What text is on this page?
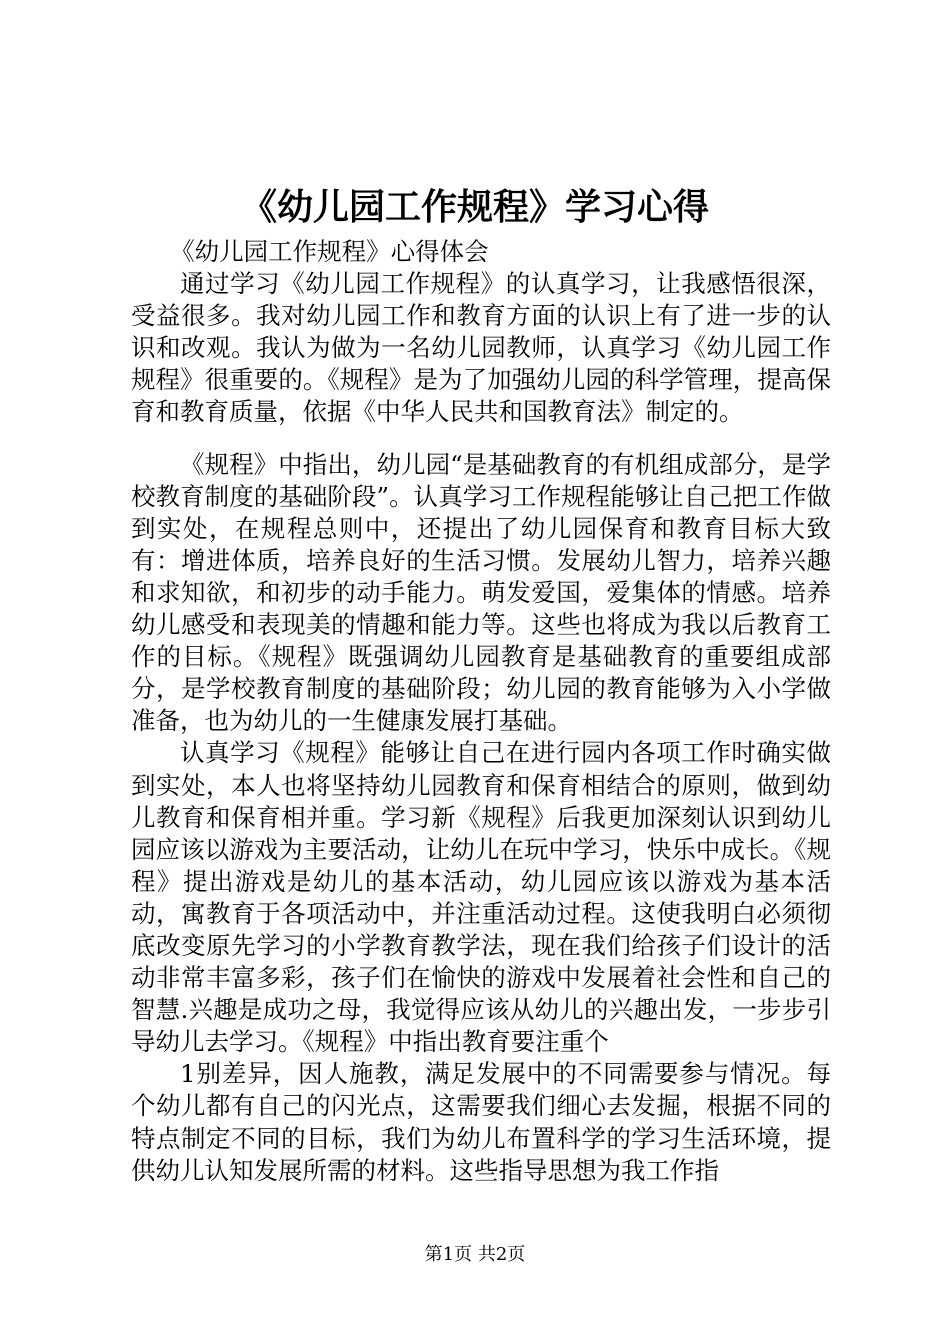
《幼儿园工作规程》学习心得

《幼儿园工作规程》心得体会

通过学习《幼儿园工作规程》的认真学习，让我感悟很深，受益很多。我对幼儿园工作和教育方面的认识上有了进一步的认识和改观。我认为做为一名幼儿园教师，认真学习《幼儿园工作规程》很重要的。《规程》是为了加强幼儿园的科学管理，提高保育和教育质量，依据《中华人民共和国教育法》制定的。

《规程》中指出，幼儿园“是基础教育的有机组成部分，是学校教育制度的基础阶段”。认真学习工作规程能够让自己把工作做到实处，在规程总则中，还提出了幼儿园保育和教育目标大致有：增进体质，培养良好的生活习惯。发展幼儿智力，培养兴趣和求知欲，和初步的动手能力。萌发爱国，爱集体的情感。培养幼儿感受和表现美的情趣和能力等。这些也将成为我以后教育工作的目标。《规程》既强调幼儿园教育是基础教育的重要组成部分，是学校教育制度的基础阶段；幼儿园的教育能够为入小学做准备，也为幼儿的一生健康发展打基础。

认真学习《规程》能够让自己在进行园内各项工作时确实做到实处，本人也将坚持幼儿园教育和保育相结合的原则，做到幼儿教育和保育相并重。学习新《规程》后我更加深刻认识到幼儿园应该以游戏为主要活动，让幼儿在玩中学习，快乐中成长。《规程》提出游戏是幼儿的基本活动，幼儿园应该以游戏为基本活动，寓教育于各项活动中，并注重活动过程。这使我明白必须彻底改变原先学习的小学教育教学法，现在我们给孩子们设计的活动非常丰富多彩，孩子们在愉快的游戏中发展着社会性和自己的智慧.兴趣是成功之母，我觉得应该从幼儿的兴趣出发，一步步引导幼儿去学习。《规程》中指出教育要注重个

1别差异，因人施教，满足发展中的不同需要参与情况。每个幼儿都有自己的闪光点，这需要我们细心去发掘，根据不同的特点制定不同的目标，我们为幼儿布置科学的学习生活环境，提供幼儿认知发展所需的材料。这些指导思想为我工作指

第1页 共2页
